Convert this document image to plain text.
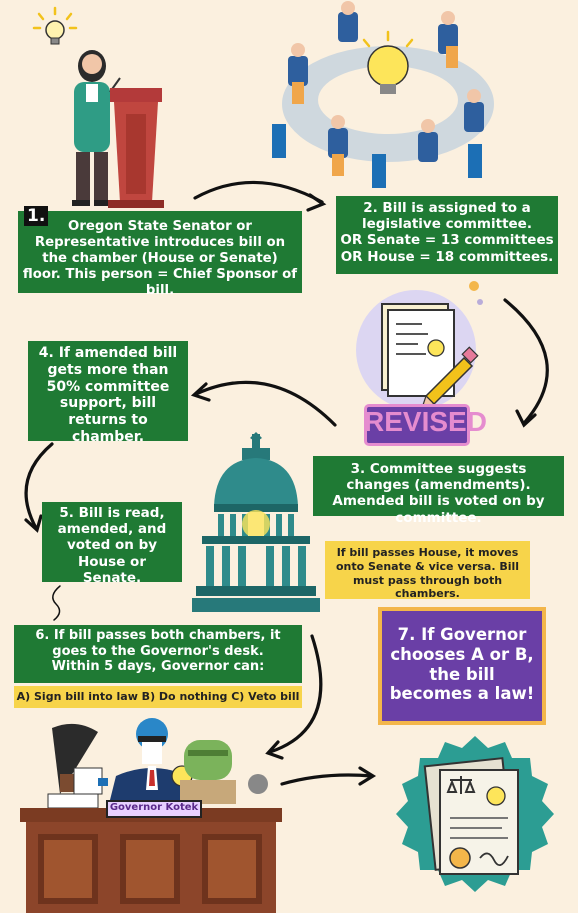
REVISED
Governor Kotek
Oregon State Senator or Representative introduces bill on the chamber (House or Senate) floor. This person = Chief Sponsor of bill.
1.	2. Bill is assigned to a legislative committee.
OR Senate = 13 committees
OR House = 18 committees.
4. If amended bill gets more than 50% committee support, bill returns to chamber.
3. Committee suggests changes (amendments). Amended bill is voted on by committee.
5. Bill is read, amended, and voted on by House or Senate.
If bill passes House, it moves onto Senate & vice versa. Bill must pass through both chambers.
6. If bill passes both chambers, it goes to the Governor's desk.
Within 5 days, Governor can:
A) Sign bill into law B) Do nothing C) Veto bill
7. If Governor chooses A or B, the bill becomes a law!
